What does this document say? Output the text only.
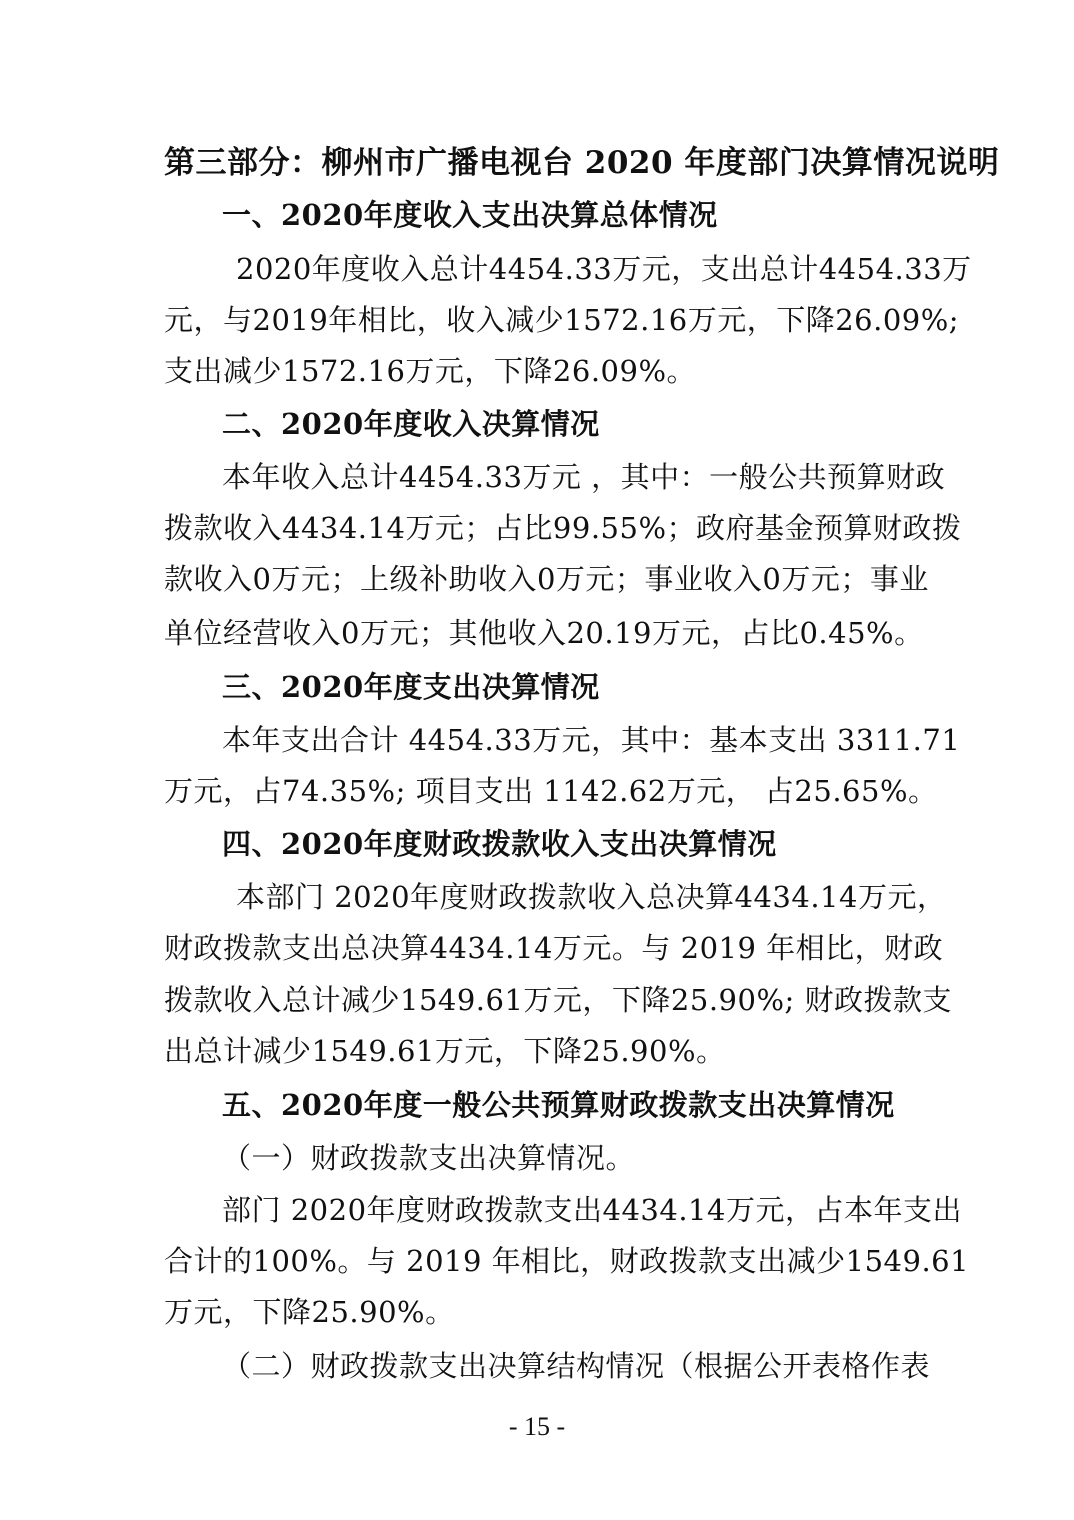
第三部分：柳州市广播电视台 2020 年度部门决算情况说明
一、2020年度收入支出决算总体情况
2020年度收入总计4454.33万元，支出总计4454.33万
元，与2019年相比，收入减少1572.16万元，下降26.09%;
支出减少1572.16万元，下降26.09%。
二、2020年度收入决算情况
本年收入总计4454.33万元 ，其中：一般公共预算财政
拨款收入4434.14万元；占比99.55%；政府基金预算财政拨
款收入0万元；上级补助收入0万元；事业收入0万元；事业
单位经营收入0万元；其他收入20.19万元，占比0.45%。
三、2020年度支出决算情况
本年支出合计 4454.33万元，其中：基本支出 3311.71
万元，占74.35%; 项目支出 1142.62万元， 占25.65%。
四、2020年度财政拨款收入支出决算情况
本部门 2020年度财政拨款收入总决算4434.14万元，
财政拨款支出总决算4434.14万元。与 2019 年相比，财政
拨款收入总计减少1549.61万元，下降25.90%; 财政拨款支
出总计减少1549.61万元，下降25.90%。
五、2020年度一般公共预算财政拨款支出决算情况
（一）财政拨款支出决算情况。
部门 2020年度财政拨款支出4434.14万元，占本年支出
合计的100%。与 2019 年相比，财政拨款支出减少1549.61
万元，下降25.90%。
（二）财政拨款支出决算结构情况（根据公开表格作表
- 15 -
